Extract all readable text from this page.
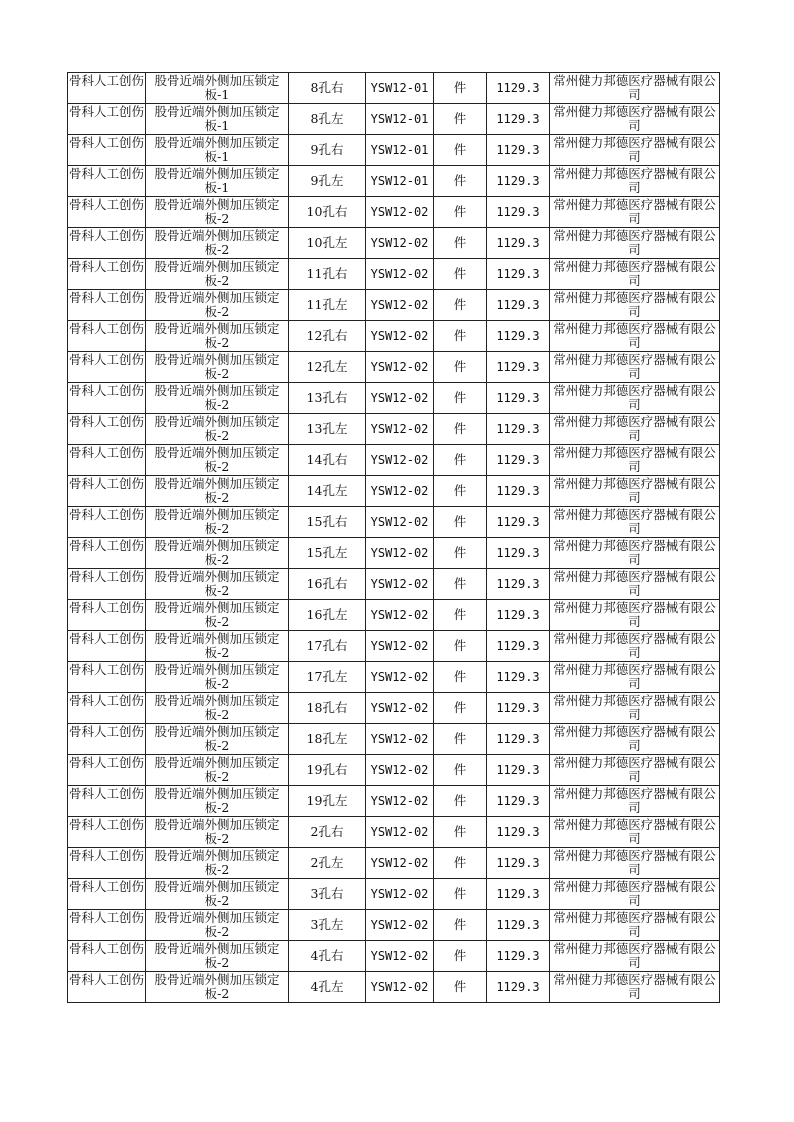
骨科人工创伤	股骨近端外侧加压锁定板-1	8孔右	YSW12-01	件	1129.3	常州健力邦德医疗器械有限公司
骨科人工创伤	股骨近端外侧加压锁定板-1	8孔左	YSW12-01	件	1129.3	常州健力邦德医疗器械有限公司
骨科人工创伤	股骨近端外侧加压锁定板-1	9孔右	YSW12-01	件	1129.3	常州健力邦德医疗器械有限公司
骨科人工创伤	股骨近端外侧加压锁定板-1	9孔左	YSW12-01	件	1129.3	常州健力邦德医疗器械有限公司
骨科人工创伤	股骨近端外侧加压锁定板-2	10孔右	YSW12-02	件	1129.3	常州健力邦德医疗器械有限公司
骨科人工创伤	股骨近端外侧加压锁定板-2	10孔左	YSW12-02	件	1129.3	常州健力邦德医疗器械有限公司
骨科人工创伤	股骨近端外侧加压锁定板-2	11孔右	YSW12-02	件	1129.3	常州健力邦德医疗器械有限公司
骨科人工创伤	股骨近端外侧加压锁定板-2	11孔左	YSW12-02	件	1129.3	常州健力邦德医疗器械有限公司
骨科人工创伤	股骨近端外侧加压锁定板-2	12孔右	YSW12-02	件	1129.3	常州健力邦德医疗器械有限公司
骨科人工创伤	股骨近端外侧加压锁定板-2	12孔左	YSW12-02	件	1129.3	常州健力邦德医疗器械有限公司
骨科人工创伤	股骨近端外侧加压锁定板-2	13孔右	YSW12-02	件	1129.3	常州健力邦德医疗器械有限公司
骨科人工创伤	股骨近端外侧加压锁定板-2	13孔左	YSW12-02	件	1129.3	常州健力邦德医疗器械有限公司
骨科人工创伤	股骨近端外侧加压锁定板-2	14孔右	YSW12-02	件	1129.3	常州健力邦德医疗器械有限公司
骨科人工创伤	股骨近端外侧加压锁定板-2	14孔左	YSW12-02	件	1129.3	常州健力邦德医疗器械有限公司
骨科人工创伤	股骨近端外侧加压锁定板-2	15孔右	YSW12-02	件	1129.3	常州健力邦德医疗器械有限公司
骨科人工创伤	股骨近端外侧加压锁定板-2	15孔左	YSW12-02	件	1129.3	常州健力邦德医疗器械有限公司
骨科人工创伤	股骨近端外侧加压锁定板-2	16孔右	YSW12-02	件	1129.3	常州健力邦德医疗器械有限公司
骨科人工创伤	股骨近端外侧加压锁定板-2	16孔左	YSW12-02	件	1129.3	常州健力邦德医疗器械有限公司
骨科人工创伤	股骨近端外侧加压锁定板-2	17孔右	YSW12-02	件	1129.3	常州健力邦德医疗器械有限公司
骨科人工创伤	股骨近端外侧加压锁定板-2	17孔左	YSW12-02	件	1129.3	常州健力邦德医疗器械有限公司
骨科人工创伤	股骨近端外侧加压锁定板-2	18孔右	YSW12-02	件	1129.3	常州健力邦德医疗器械有限公司
骨科人工创伤	股骨近端外侧加压锁定板-2	18孔左	YSW12-02	件	1129.3	常州健力邦德医疗器械有限公司
骨科人工创伤	股骨近端外侧加压锁定板-2	19孔右	YSW12-02	件	1129.3	常州健力邦德医疗器械有限公司
骨科人工创伤	股骨近端外侧加压锁定板-2	19孔左	YSW12-02	件	1129.3	常州健力邦德医疗器械有限公司
骨科人工创伤	股骨近端外侧加压锁定板-2	2孔右	YSW12-02	件	1129.3	常州健力邦德医疗器械有限公司
骨科人工创伤	股骨近端外侧加压锁定板-2	2孔左	YSW12-02	件	1129.3	常州健力邦德医疗器械有限公司
骨科人工创伤	股骨近端外侧加压锁定板-2	3孔右	YSW12-02	件	1129.3	常州健力邦德医疗器械有限公司
骨科人工创伤	股骨近端外侧加压锁定板-2	3孔左	YSW12-02	件	1129.3	常州健力邦德医疗器械有限公司
骨科人工创伤	股骨近端外侧加压锁定板-2	4孔右	YSW12-02	件	1129.3	常州健力邦德医疗器械有限公司
骨科人工创伤	股骨近端外侧加压锁定板-2	4孔左	YSW12-02	件	1129.3	常州健力邦德医疗器械有限公司
